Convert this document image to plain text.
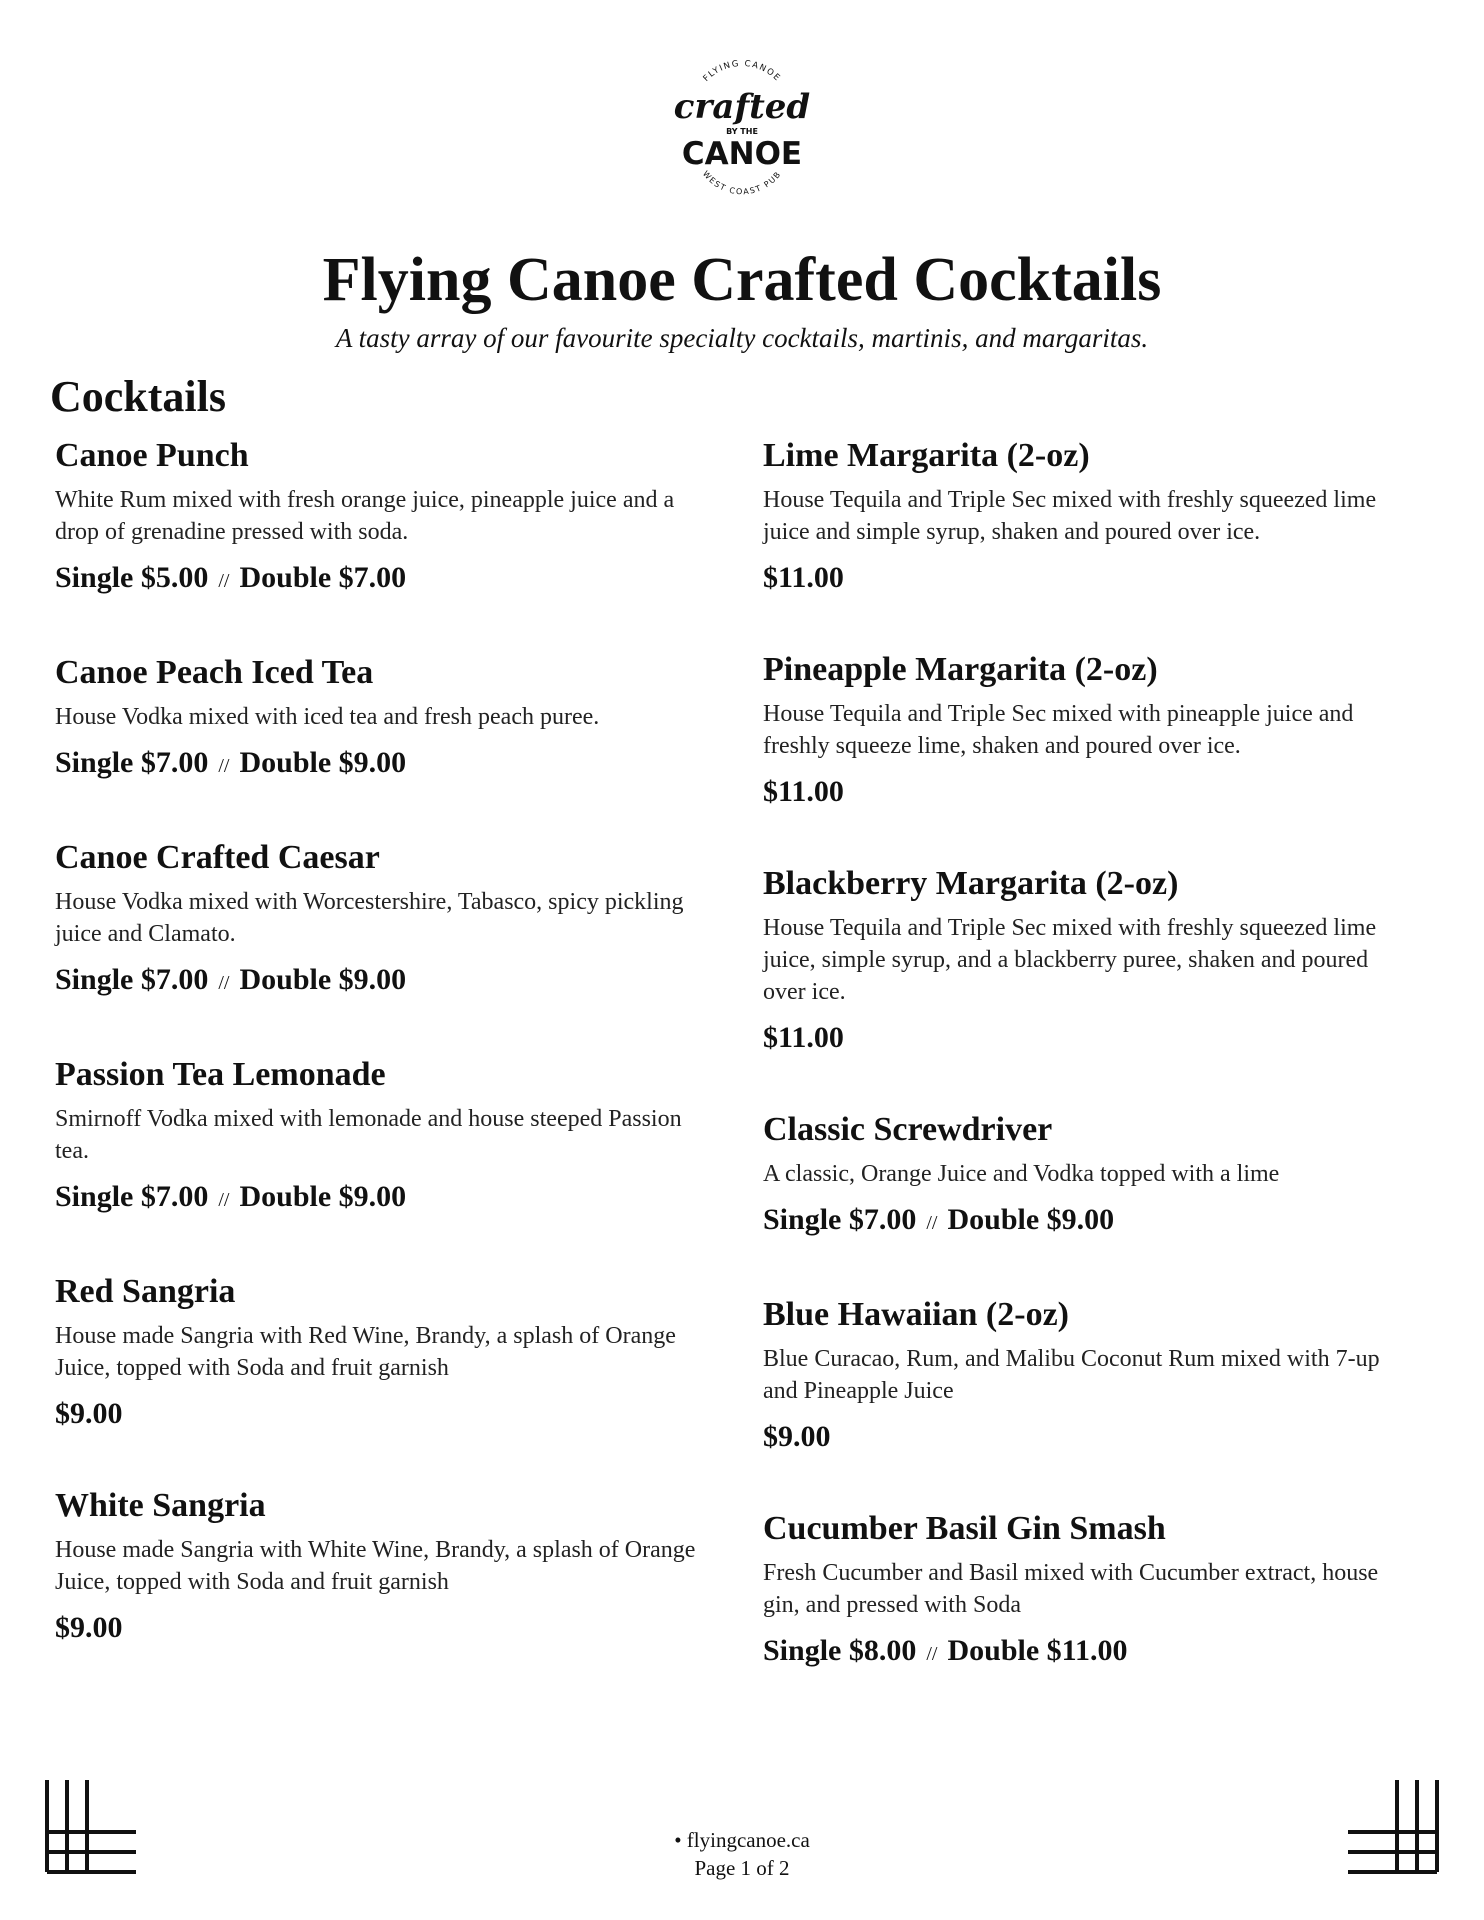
FLYING CANOE
crafted
BY THE
CANOE
WEST COAST PUB
Flying Canoe Crafted Cocktails

A tasty array of our favourite specialty cocktails, martinis, and margaritas.

Cocktails
Canoe Punch

White Rum mixed with fresh orange juice, pineapple juice and a drop of grenadine pressed with soda.

Single $5.00 // Double $7.00

Canoe Peach Iced Tea

House Vodka mixed with iced tea and fresh peach puree.

Single $7.00 // Double $9.00

Canoe Crafted Caesar

House Vodka mixed with Worcestershire, Tabasco, spicy pickling juice and Clamato.

Single $7.00 // Double $9.00

Passion Tea Lemonade

Smirnoff Vodka mixed with lemonade and house steeped Passion tea.

Single $7.00 // Double $9.00

Red Sangria

House made Sangria with Red Wine, Brandy, a splash of Orange Juice, topped with Soda and fruit garnish

$9.00

White Sangria

House made Sangria with White Wine, Brandy, a splash of Orange Juice, topped with Soda and fruit garnish

$9.00

Lime Margarita (2-oz)

House Tequila and Triple Sec mixed with freshly squeezed lime juice and simple syrup, shaken and poured over ice.

$11.00

Pineapple Margarita (2-oz)

House Tequila and Triple Sec mixed with pineapple juice and freshly squeeze lime, shaken and poured over ice.

$11.00

Blackberry Margarita (2-oz)

House Tequila and Triple Sec mixed with freshly squeezed lime juice, simple syrup, and a blackberry puree, shaken and poured over ice.

$11.00

Classic Screwdriver

A classic, Orange Juice and Vodka topped with a lime

Single $7.00 // Double $9.00

Blue Hawaiian (2-oz)

Blue Curacao, Rum, and Malibu Coconut Rum mixed with 7-up and Pineapple Juice

$9.00

Cucumber Basil Gin Smash

Fresh Cucumber and Basil mixed with Cucumber extract, house gin, and pressed with Soda

Single $8.00 // Double $11.00

• flyingcanoe.ca
Page 1 of 2
